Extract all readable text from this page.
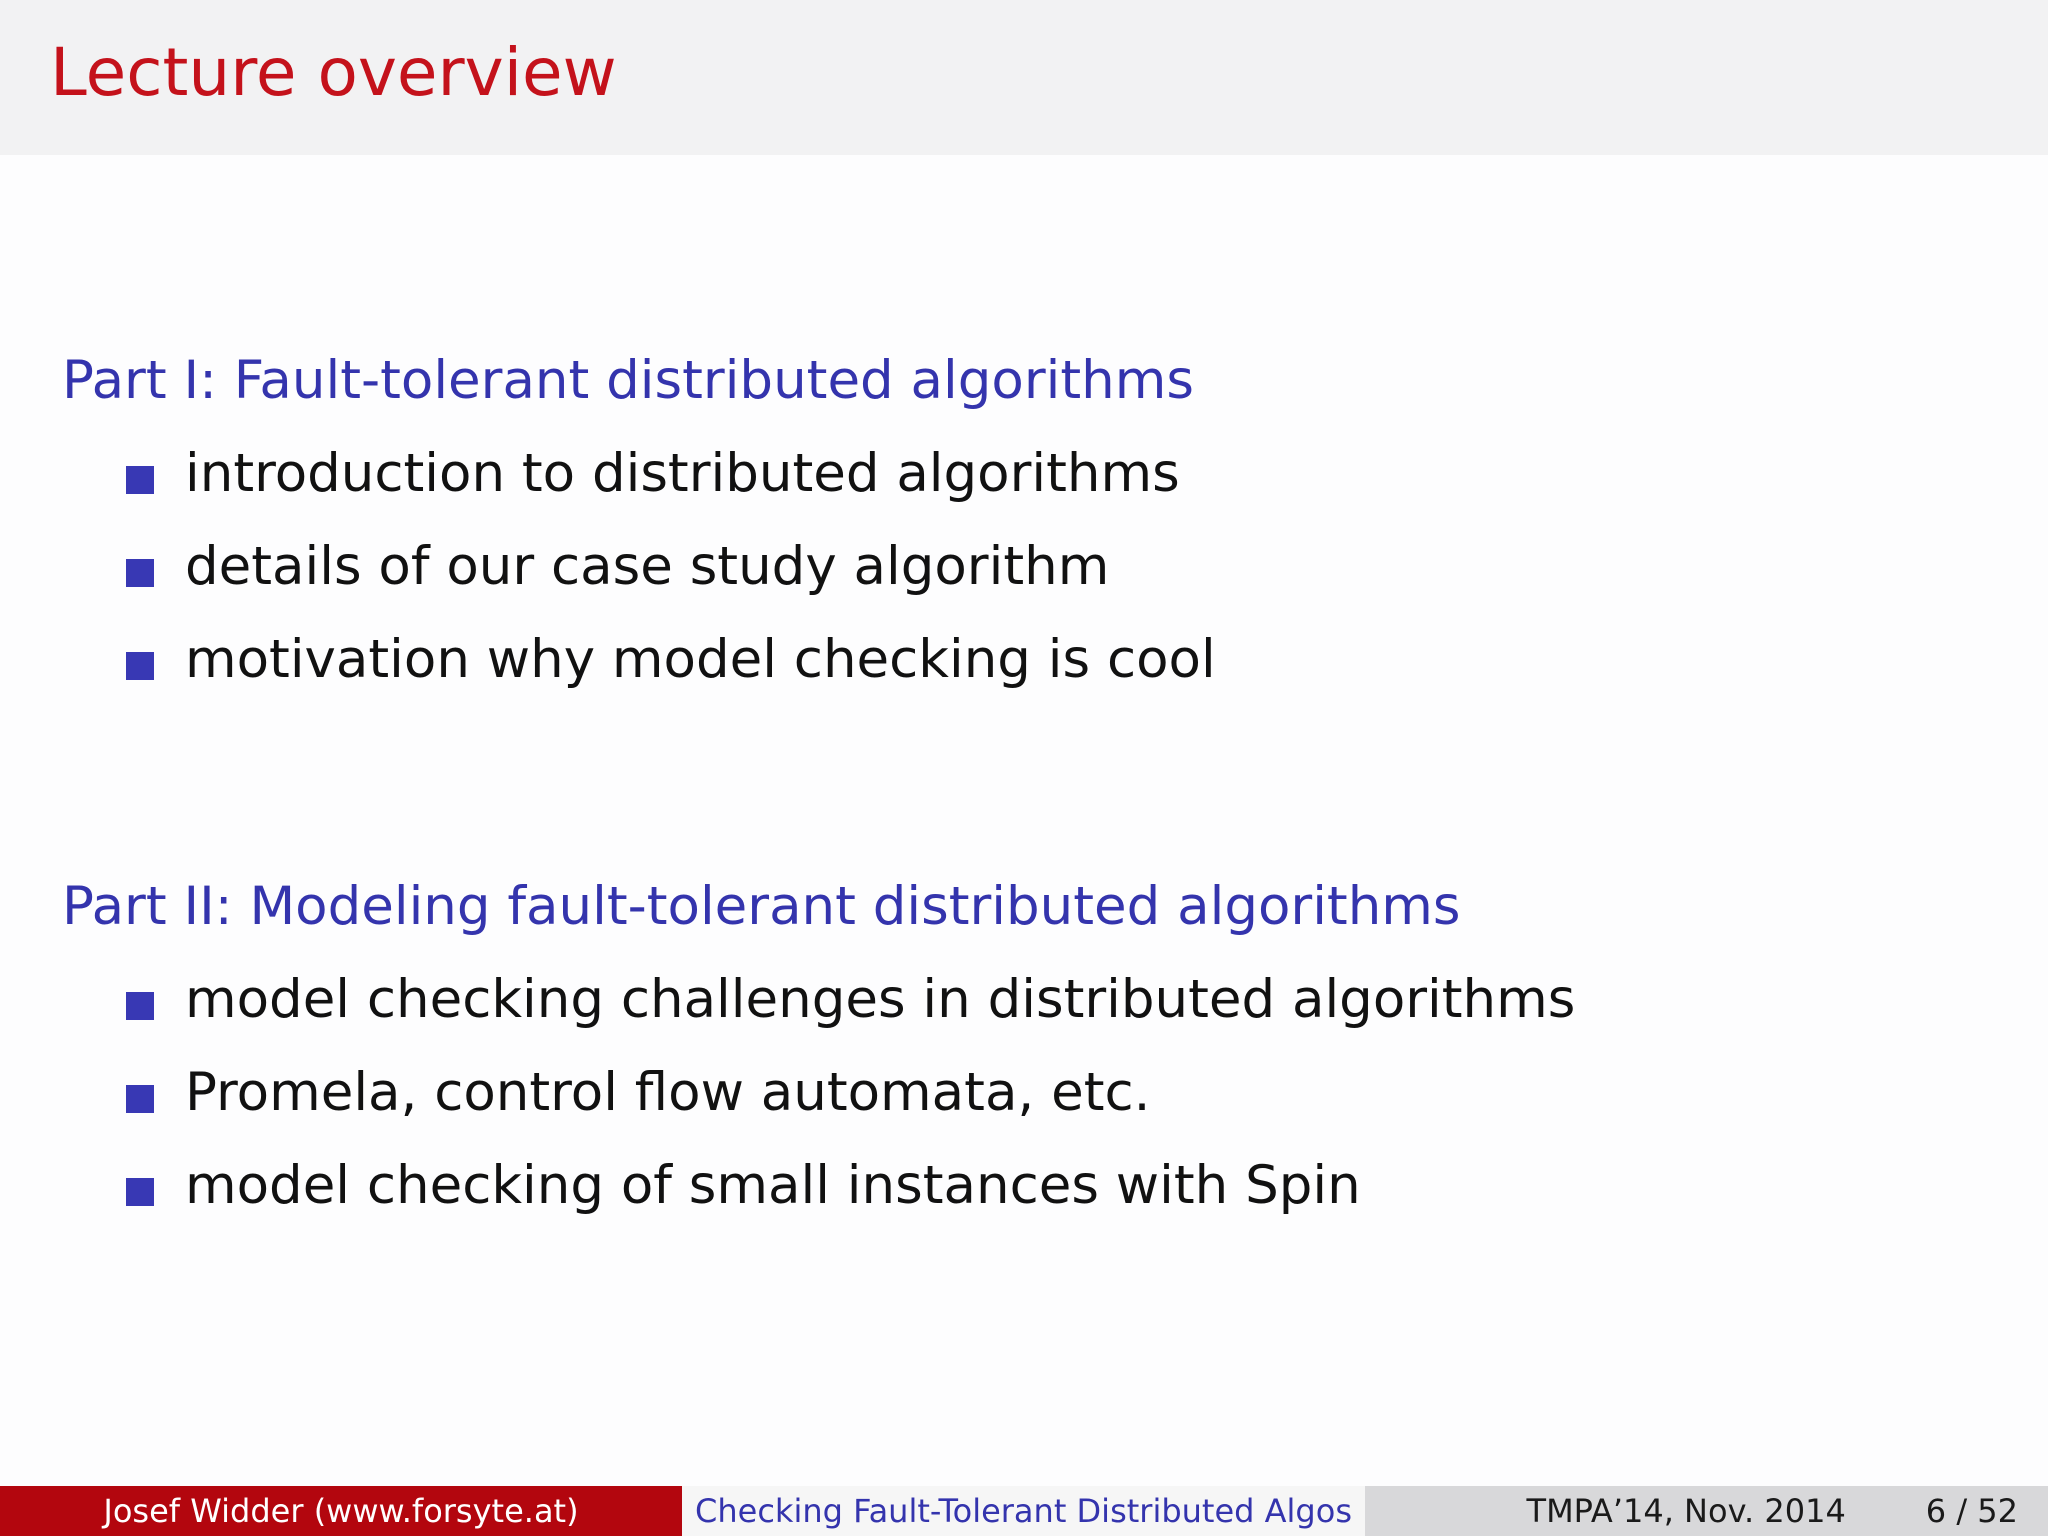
Lecture overview
Part I: Fault-tolerant distributed algorithms
introduction to distributed algorithms
details of our case study algorithm
motivation why model checking is cool
Part II: Modeling fault-tolerant distributed algorithms
model checking challenges in distributed algorithms
Promela, control flow automata, etc.
model checking of small instances with Spin
Josef Widder (www.forsyte.at)	Checking Fault-Tolerant Distributed Algos	TMPA’14, Nov. 2014	6 / 52
